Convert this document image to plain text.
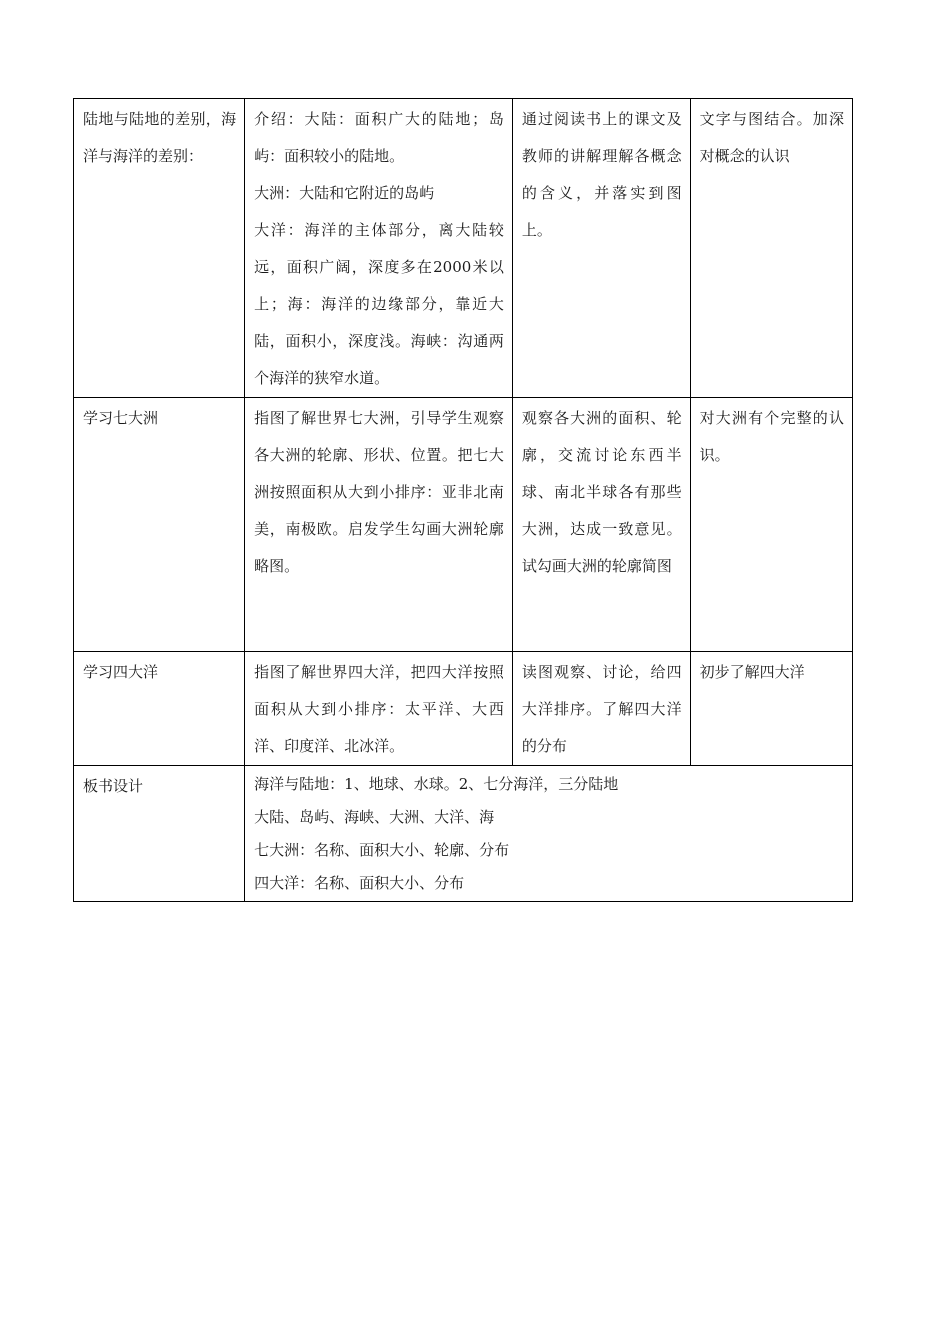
陆地与陆地的差别，海洋与海洋的差别：	介绍：大陆：面积广大的陆地；岛屿：面积较小的陆地。
大洲：大陆和它附近的岛屿
大洋：海洋的主体部分，离大陆较远，面积广阔，深度多在2000米以上；海：海洋的边缘部分，靠近大陆，面积小，深度浅。海峡：沟通两个海洋的狭窄水道。	通过阅读书上的课文及教师的讲解理解各概念的含义，并落实到图上。	文字与图结合。加深对概念的认识
学习七大洲	指图了解世界七大洲，引导学生观察各大洲的轮廓、形状、位置。把七大洲按照面积从大到小排序：亚非北南美，南极欧。启发学生勾画大洲轮廓略图。	观察各大洲的面积、轮廓，交流讨论东西半球、南北半球各有那些大洲，达成一致意见。试勾画大洲的轮廓简图	对大洲有个完整的认识。
学习四大洋	指图了解世界四大洋，把四大洋按照面积从大到小排序：太平洋、大西洋、印度洋、北冰洋。	读图观察、讨论，给四大洋排序。了解四大洋的分布	初步了解四大洋
板书设计	海洋与陆地：1、地球、水球。2、七分海洋，三分陆地
大陆、岛屿、海峡、大洲、大洋、海
七大洲：名称、面积大小、轮廓、分布
四大洋：名称、面积大小、分布		
